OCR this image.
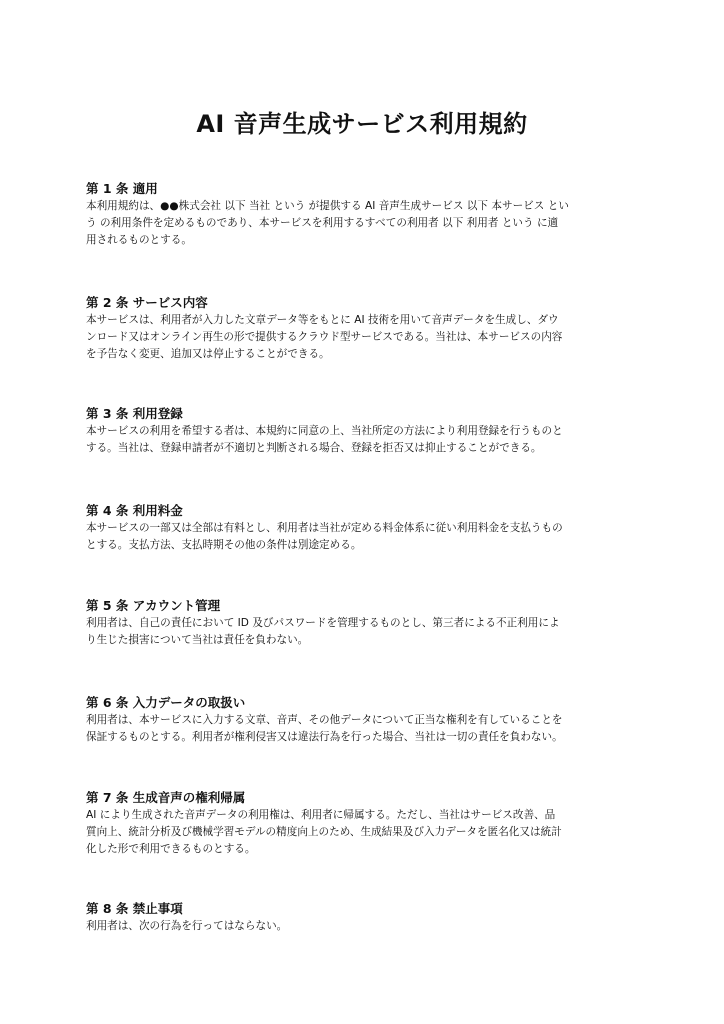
AI 音声生成サービス利用規約
第 1 条 適用
本利用規約は、●●株式会社 以下 当社 という が提供する AI 音声生成サービス 以下 本サービス とい
う の利用条件を定めるものであり、本サービスを利用するすべての利用者 以下 利用者 という に適
用されるものとする。
第 2 条 サービス内容
本サービスは、利用者が入力した文章データ等をもとに AI 技術を用いて音声データを生成し、ダウ
ンロード又はオンライン再生の形で提供するクラウド型サービスである。当社は、本サービスの内容
を予告なく変更、追加又は停止することができる。
第 3 条 利用登録
本サービスの利用を希望する者は、本規約に同意の上、当社所定の方法により利用登録を行うものと
する。当社は、登録申請者が不適切と判断される場合、登録を拒否又は抑止することができる。
第 4 条 利用料金
本サービスの一部又は全部は有料とし、利用者は当社が定める料金体系に従い利用料金を支払うもの
とする。支払方法、支払時期その他の条件は別途定める。
第 5 条 アカウント管理
利用者は、自己の責任において ID 及びパスワードを管理するものとし、第三者による不正利用によ
り生じた損害について当社は責任を負わない。
第 6 条 入力データの取扱い
利用者は、本サービスに入力する文章、音声、その他データについて正当な権利を有していることを
保証するものとする。利用者が権利侵害又は違法行為を行った場合、当社は一切の責任を負わない。
第 7 条 生成音声の権利帰属
AI により生成された音声データの利用権は、利用者に帰属する。ただし、当社はサービス改善、品
質向上、統計分析及び機械学習モデルの精度向上のため、生成結果及び入力データを匿名化又は統計
化した形で利用できるものとする。
第 8 条 禁止事項
利用者は、次の行為を行ってはならない。
